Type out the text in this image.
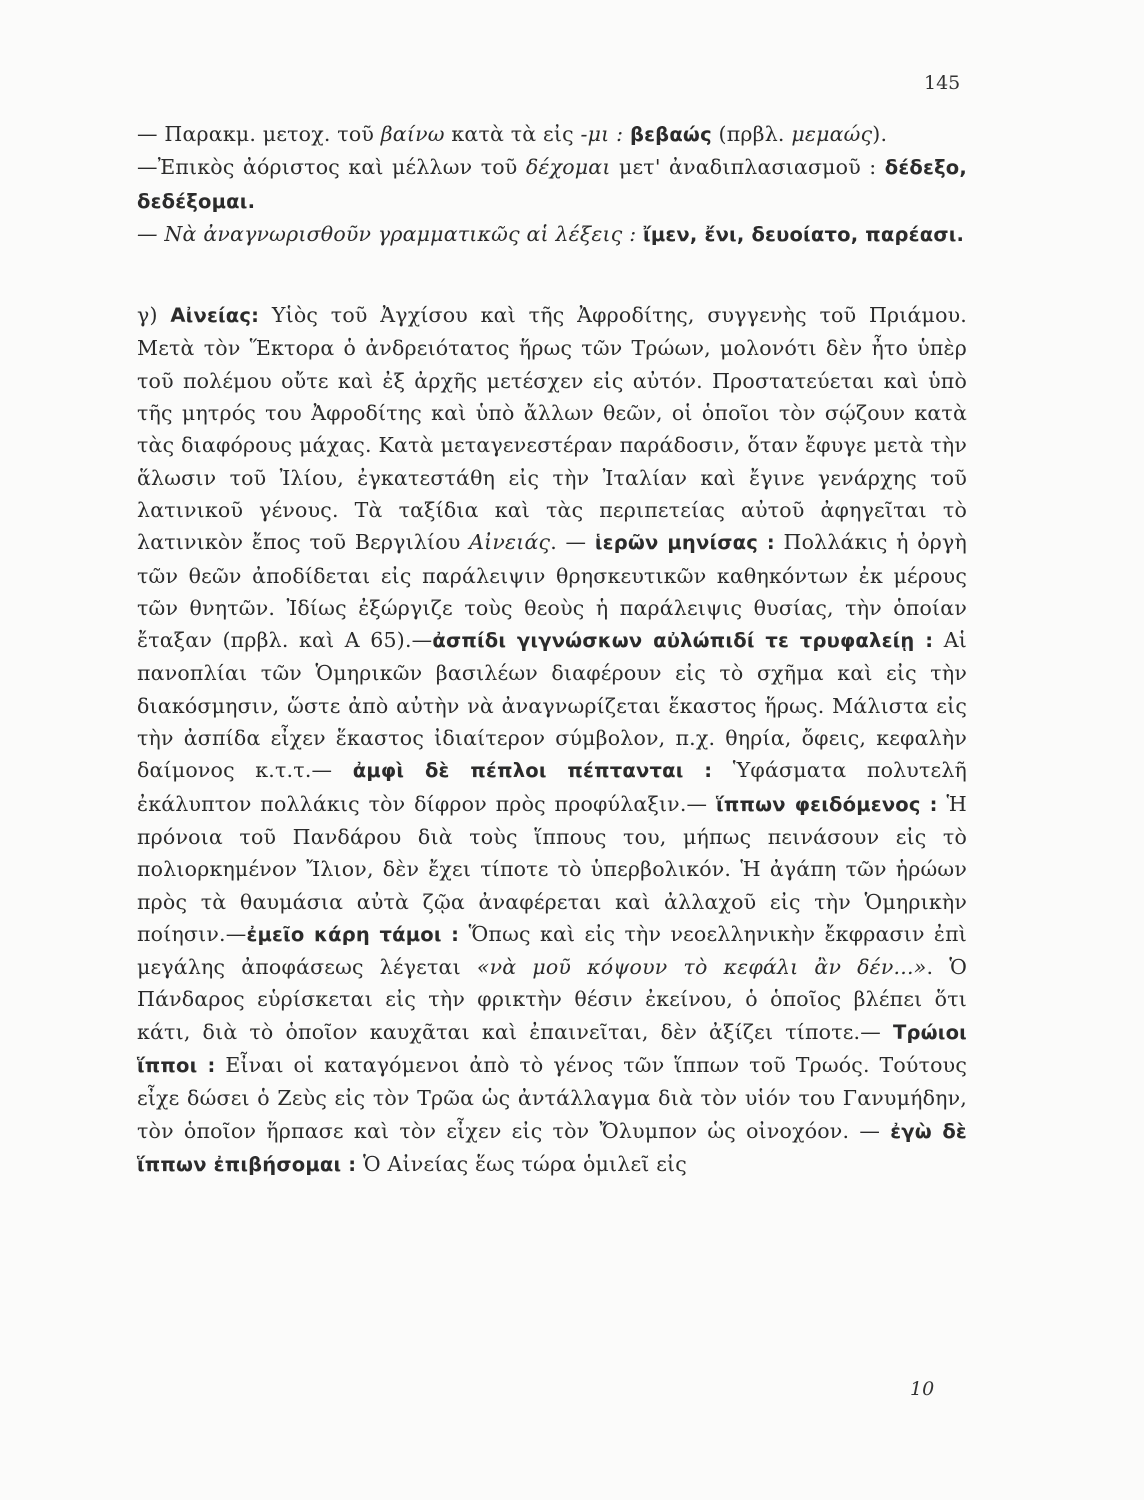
145

— Παρακμ. μετοχ. τοῦ βαίνω κατὰ τὰ εἰς -μι : βεβαώς (πρβλ. μεμαώς).

—Ἐπικὸς ἀόριστος καὶ μέλλων τοῦ δέχομαι μετ' ἀναδιπλασιασμοῦ : δέδεξο, δεδέξομαι.

— Νὰ ἀναγνωρισθοῦν γραμματικῶς αἱ λέξεις : ἴμεν, ἔνι, δευοίατο, παρέασι.

γ) Αἰνείας: Υἱὸς τοῦ Ἀγχίσου καὶ τῆς Ἀφροδίτης, συγγενὴς τοῦ Πριάμου. Μετὰ τὸν Ἕκτορα ὁ ἀνδρειότατος ἥρως τῶν Τρώων, μολονότι δὲν ἦτο ὑπὲρ τοῦ πολέμου οὔτε καὶ ἐξ ἀρχῆς μετέσχεν εἰς αὐτόν. Προστατεύεται καὶ ὑπὸ τῆς μητρός του Ἀφροδίτης καὶ ὑπὸ ἄλλων θεῶν, οἱ ὁποῖοι τὸν σῴζουν κατὰ τὰς διαφόρους μάχας. Κατὰ μεταγενεστέραν παράδοσιν, ὅταν ἔφυγε μετὰ τὴν ἅλωσιν τοῦ Ἰλίου, ἐγκατεστάθη εἰς τὴν Ἰταλίαν καὶ ἔγινε γενάρχης τοῦ λατινικοῦ γένους. Τὰ ταξίδια καὶ τὰς περιπετείας αὐτοῦ ἀφηγεῖται τὸ λατινικὸν ἔπος τοῦ Βεργιλίου Αἰνειάς. — ἱερῶν μηνίσας : Πολλάκις ἡ ὀργὴ τῶν θεῶν ἀποδίδεται εἰς παράλειψιν θρησκευτικῶν καθηκόντων ἐκ μέρους τῶν θνητῶν. Ἰδίως ἐξώργιζε τοὺς θεοὺς ἡ παράλειψις θυσίας, τὴν ὁποίαν ἔταξαν (πρβλ. καὶ Α 65).—ἀσπίδι γιγνώσκων αὐλώπιδί τε τρυφαλείῃ : Αἱ πανοπλίαι τῶν Ὁμηρικῶν βασιλέων διαφέρουν εἰς τὸ σχῆμα καὶ εἰς τὴν διακόσμησιν, ὥστε ἀπὸ αὐτὴν νὰ ἀναγνωρίζεται ἕκαστος ἥρως. Μάλιστα εἰς τὴν ἀσπίδα εἶχεν ἕκαστος ἰδιαίτερον σύμβολον, π.χ. θηρία, ὄφεις, κεφαλὴν δαίμονος κ.τ.τ.— ἀμφὶ δὲ πέπλοι πέπτανται : Ὑφάσματα πολυτελῆ ἐκάλυπτον πολλάκις τὸν δίφρον πρὸς προφύλαξιν.— ἵππων φειδόμενος : Ἡ πρόνοια τοῦ Πανδάρου διὰ τοὺς ἵππους του, μήπως πεινάσουν εἰς τὸ πολιορκημένον Ἴλιον, δὲν ἔχει τίποτε τὸ ὑπερβολικόν. Ἡ ἀγάπη τῶν ἡρώων πρὸς τὰ θαυμάσια αὐτὰ ζῷα ἀναφέρεται καὶ ἀλλαχοῦ εἰς τὴν Ὁμηρικὴν ποίησιν.—ἐμεῖο κάρη τάμοι : Ὅπως καὶ εἰς τὴν νεοελληνικὴν ἔκφρασιν ἐπὶ μεγάλης ἀποφάσεως λέγεται «νὰ μοῦ κόψουν τὸ κεφάλι ἂν δέν...». Ὁ Πάνδαρος εὑρίσκεται εἰς τὴν φρικτὴν θέσιν ἐκείνου, ὁ ὁποῖος βλέπει ὅτι κάτι, διὰ τὸ ὁποῖον καυχᾶται καὶ ἐπαινεῖται, δὲν ἀξίζει τίποτε.— Τρώιοι ἵπποι : Εἶναι οἱ καταγόμενοι ἀπὸ τὸ γένος τῶν ἵππων τοῦ Τρωός. Τούτους εἶχε δώσει ὁ Ζεὺς εἰς τὸν Τρῶα ὡς ἀντάλλαγμα διὰ τὸν υἱόν του Γανυμήδην, τὸν ὁποῖον ἥρπασε καὶ τὸν εἶχεν εἰς τὸν Ὄλυμπον ὡς οἰνοχόον. — ἐγὼ δὲ ἵππων ἐπιβήσομαι : Ὁ Αἰνείας ἕως τώρα ὁμιλεῖ εἰς

10
